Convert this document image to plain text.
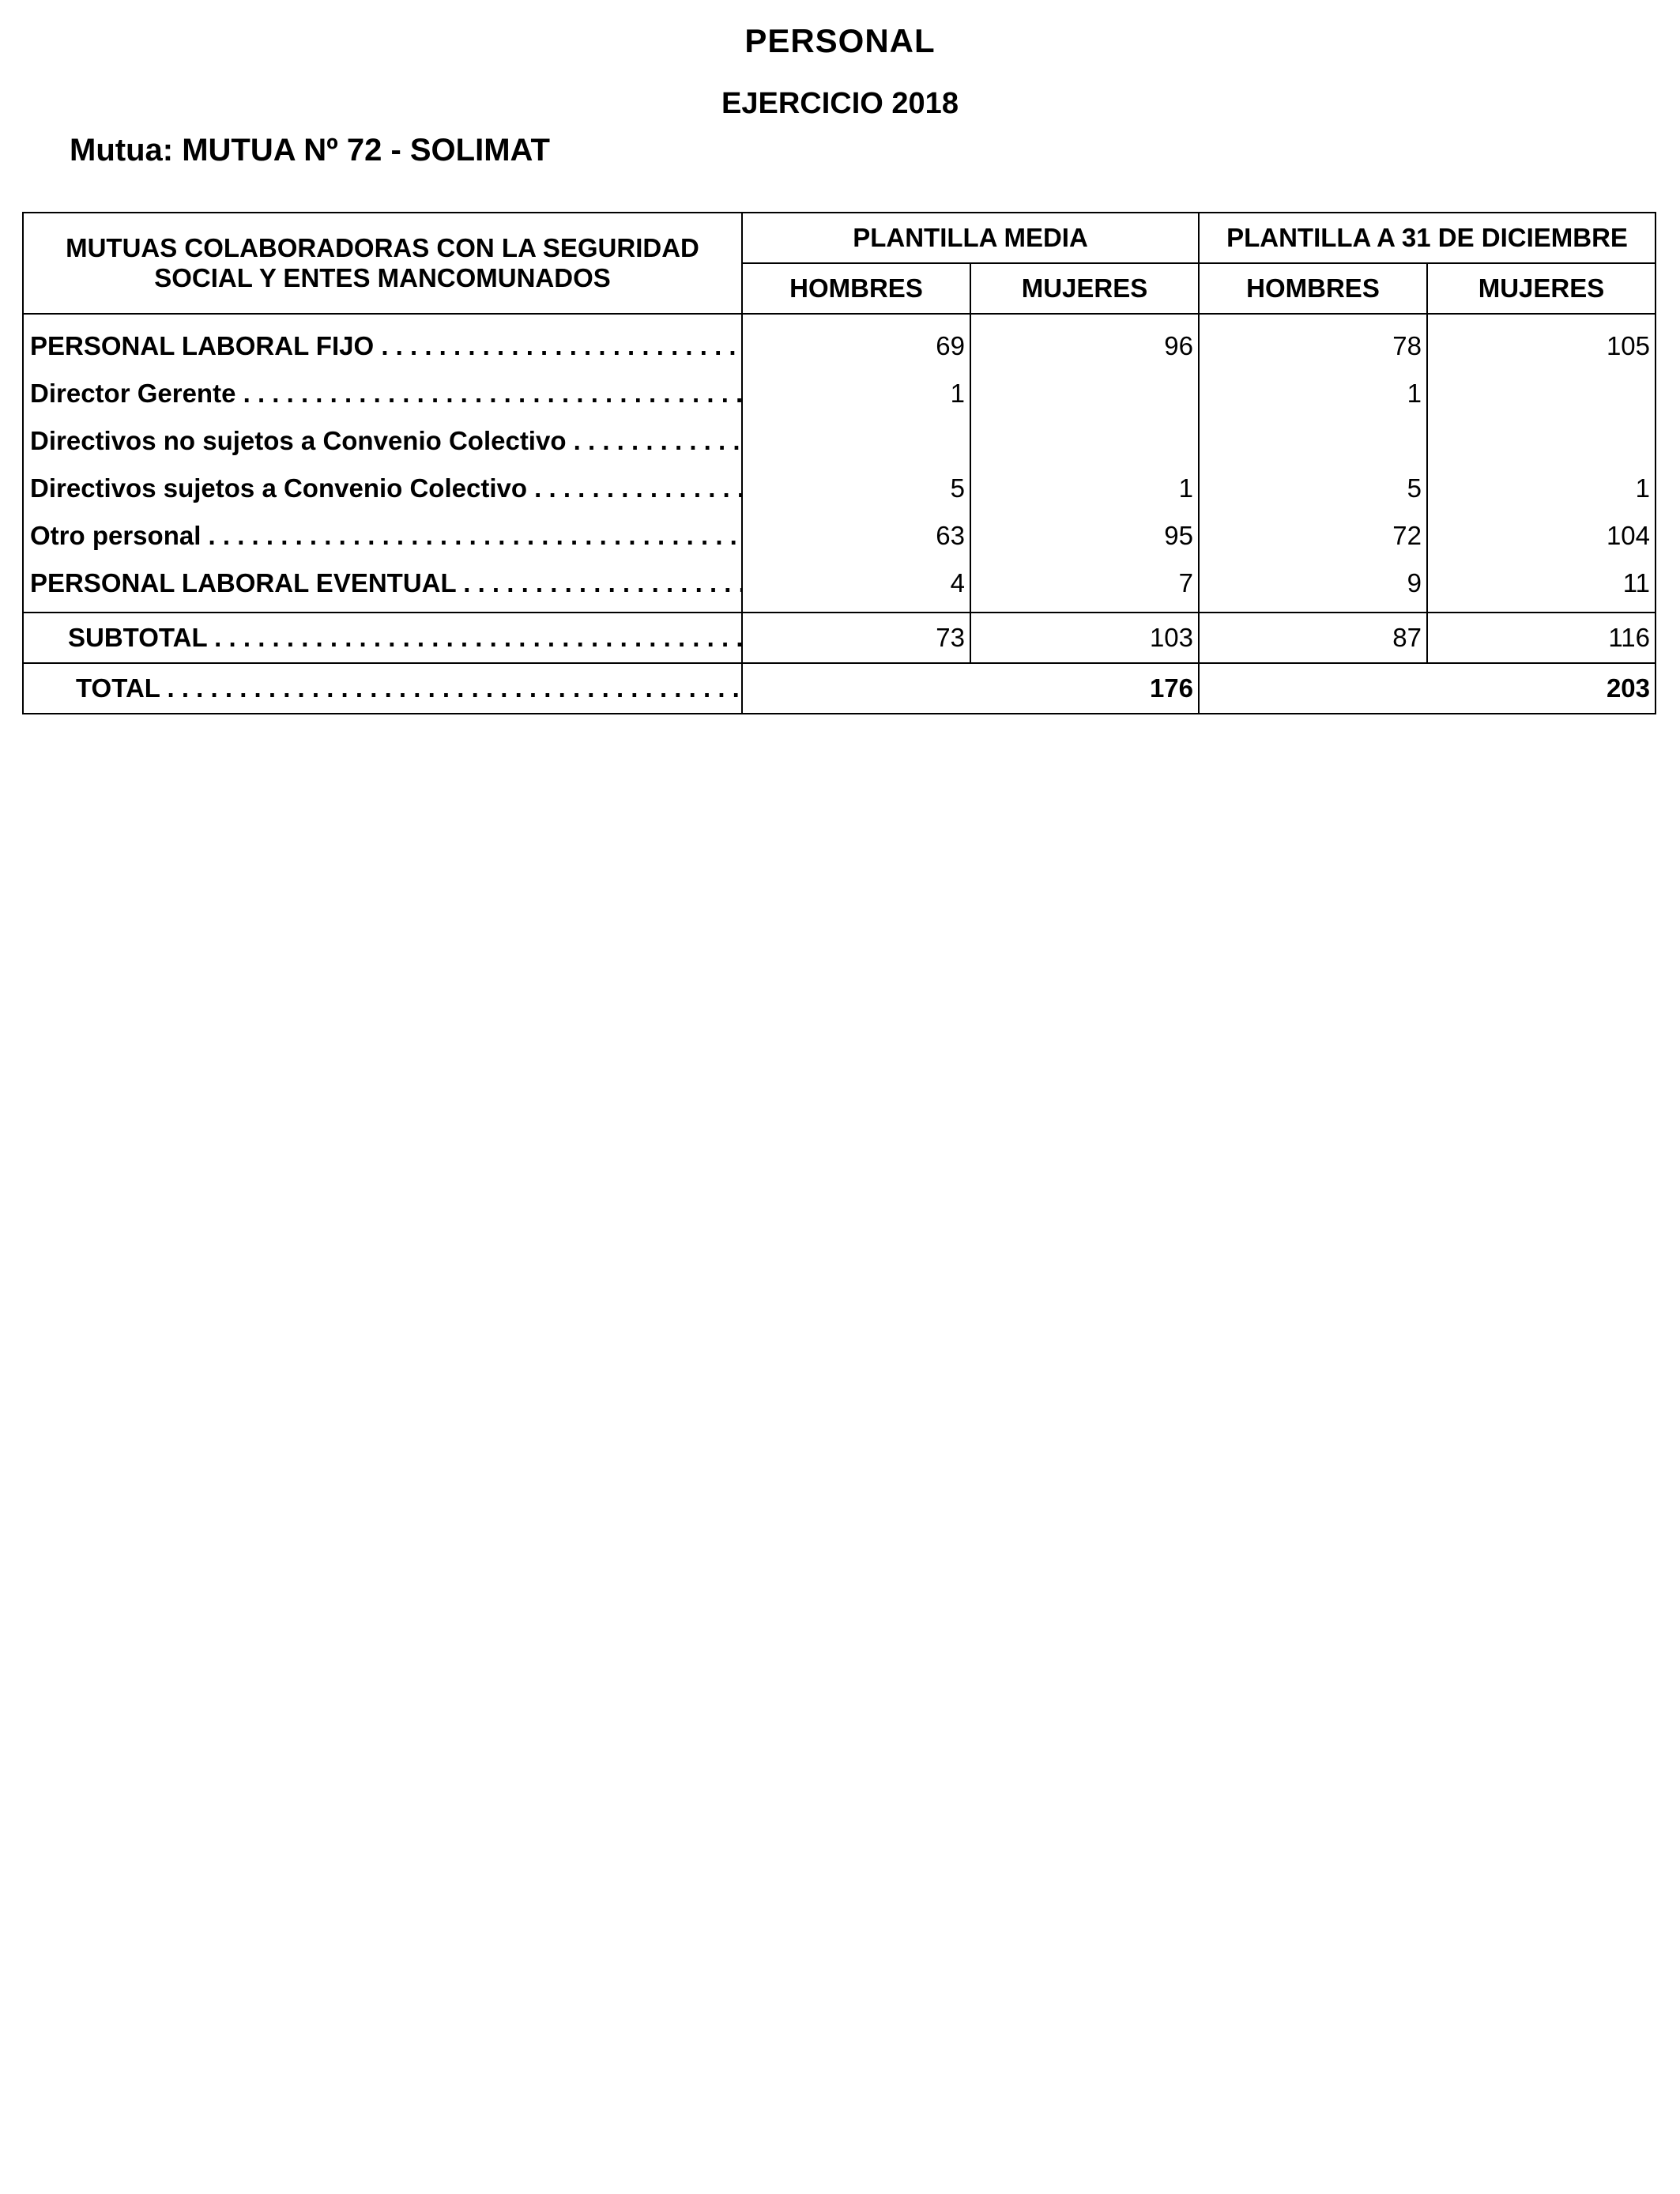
PERSONAL
EJERCICIO 2018
Mutua: MUTUA Nº 72 - SOLIMAT
MUTUAS COLABORADORAS CON LA SEGURIDAD
SOCIAL Y ENTES MANCOMUNADOS	PLANTILLA MEDIA		PLANTILLA A 31 DE DICIEMBRE	
	HOMBRES	MUJERES	HOMBRES	MUJERES

PERSONAL LABORAL FIJO . . .	69	96	78	105

Director Gerente . . .	1		1	

Directivos no sujetos a Convenio Colectivo . . .

Directivos sujetos a Convenio Colectivo . . .	5	1	5	1

Otro personal . . .	63	95	72	104

PERSONAL LABORAL EVENTUAL . . .	4	7	9	11

SUBTOTAL . . .	73	103	87	116

TOTAL . . .	176		203	
